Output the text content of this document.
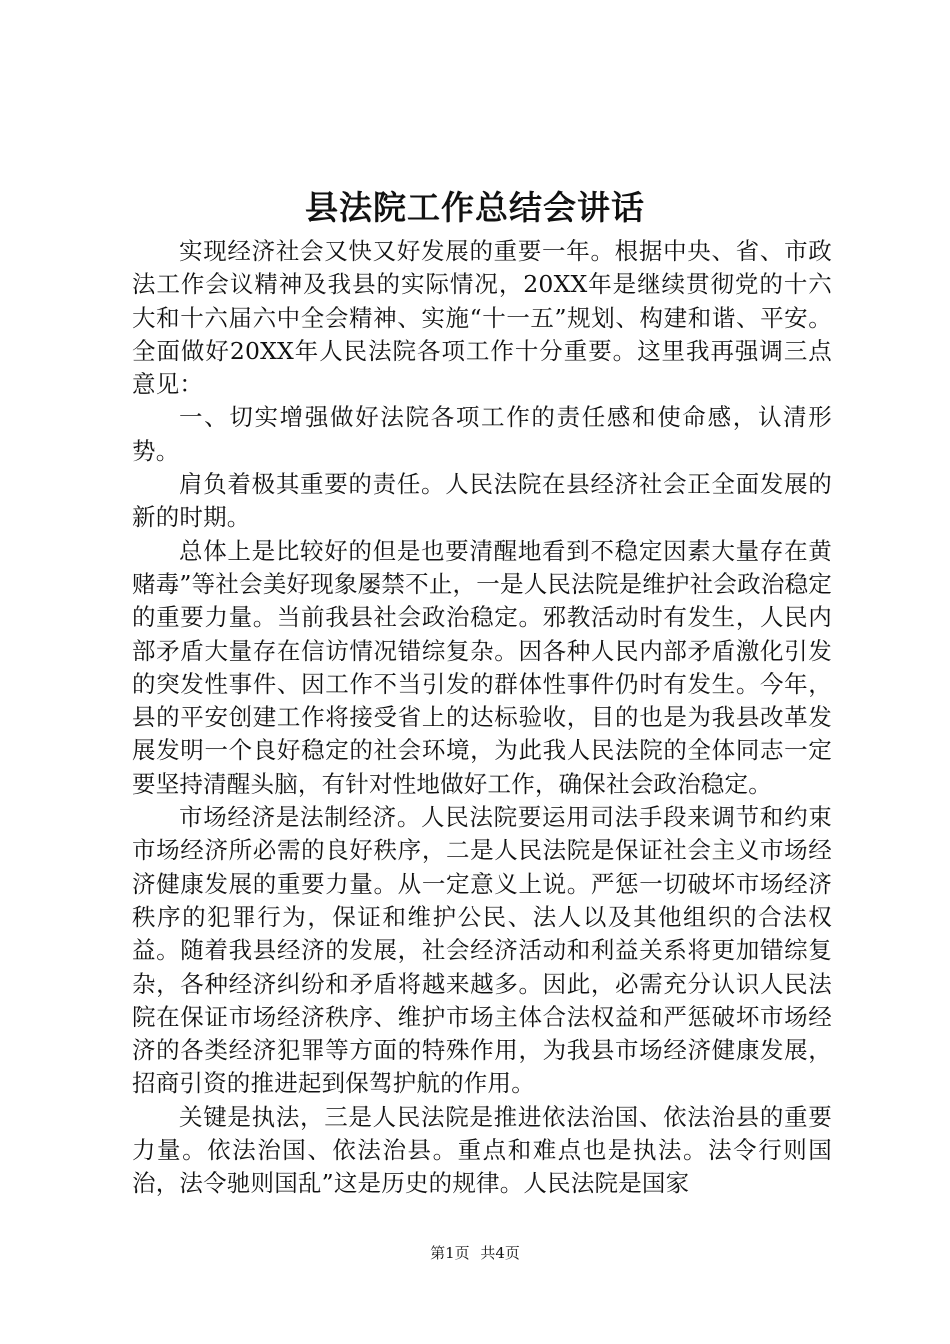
县法院工作总结会讲话

实现经济社会又快又好发展的重要一年。根据中央、省、市政法工作会议精神及我县的实际情况，20XX年是继续贯彻党的十六大和十六届六中全会精神、实施“十一五”规划、构建和谐、平安。全面做好20XX年人民法院各项工作十分重要。这里我再强调三点意见：

一、切实增强做好法院各项工作的责任感和使命感，认清形势。

肩负着极其重要的责任。人民法院在县经济社会正全面发展的新的时期。

总体上是比较好的但是也要清醒地看到不稳定因素大量存在黄赌毒”等社会美好现象屡禁不止，一是人民法院是维护社会政治稳定的重要力量。当前我县社会政治稳定。邪教活动时有发生，人民内部矛盾大量存在信访情况错综复杂。因各种人民内部矛盾激化引发的突发性事件、因工作不当引发的群体性事件仍时有发生。今年，县的平安创建工作将接受省上的达标验收，目的也是为我县改革发展发明一个良好稳定的社会环境，为此我人民法院的全体同志一定要坚持清醒头脑，有针对性地做好工作，确保社会政治稳定。

市场经济是法制经济。人民法院要运用司法手段来调节和约束市场经济所必需的良好秩序，二是人民法院是保证社会主义市场经济健康发展的重要力量。从一定意义上说。严惩一切破坏市场经济秩序的犯罪行为，保证和维护公民、法人以及其他组织的合法权益。随着我县经济的发展，社会经济活动和利益关系将更加错综复杂，各种经济纠纷和矛盾将越来越多。因此，必需充分认识人民法院在保证市场经济秩序、维护市场主体合法权益和严惩破坏市场经济的各类经济犯罪等方面的特殊作用，为我县市场经济健康发展，招商引资的推进起到保驾护航的作用。

关键是执法，三是人民法院是推进依法治国、依法治县的重要力量。依法治国、依法治县。重点和难点也是执法。法令行则国治，法令驰则国乱”这是历史的规律。人民法院是国家

第1页 共4页
